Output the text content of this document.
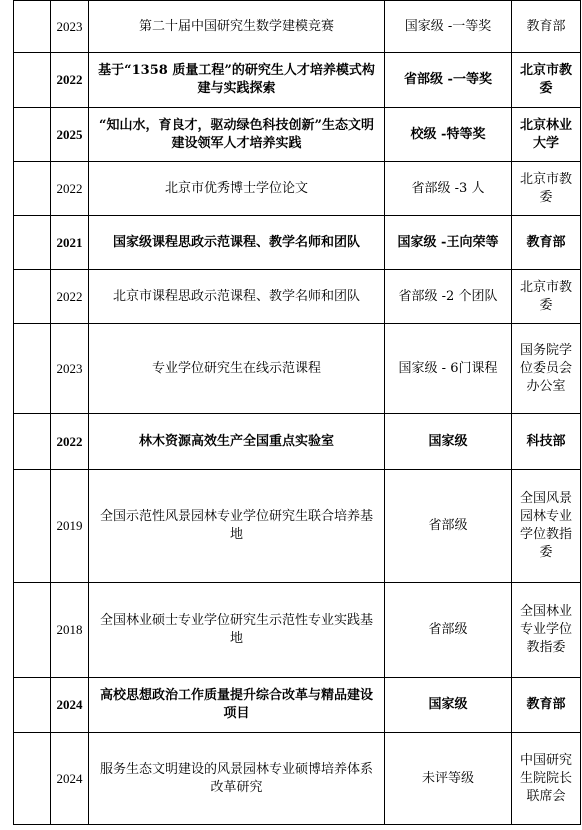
	2023	第二十届中国研究生数学建模竞赛	国家级 -一等奖	教育部
	2022	基于“1358 质量工程”的研究生人才培养模式构建与实践探索	省部级 -一等奖	北京市教委
	2025	“知山水，育良才，驱动绿色科技创新”生态文明建设领军人才培养实践	校级 -特等奖	北京林业大学
	2022	北京市优秀博士学位论文	省部级 -3 人	北京市教委
	2021	国家级课程思政示范课程、教学名师和团队	国家级 -王向荣等	教育部
	2022	北京市课程思政示范课程、教学名师和团队	省部级 -2 个团队	北京市教委
	2023	专业学位研究生在线示范课程	国家级 - 6门课程	国务院学位委员会办公室
	2022	林木资源高效生产全国重点实验室	国家级	科技部
	2019	全国示范性风景园林专业学位研究生联合培养基地	省部级	全国风景园林专业学位教指委
	2018	全国林业硕士专业学位研究生示范性专业实践基地	省部级	全国林业专业学位教指委
	2024	高校思想政治工作质量提升综合改革与精品建设项目	国家级	教育部
	2024	服务生态文明建设的风景园林专业硕博培养体系改革研究	未评等级	中国研究生院院长联席会
